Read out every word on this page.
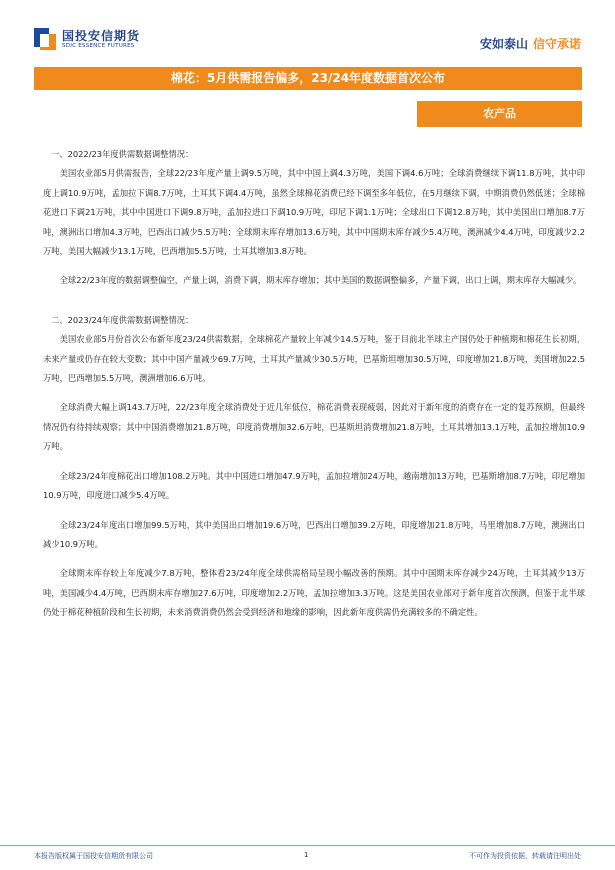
国投安信期货
SDIC ESSENCE FUTURES	安如泰山 信守承诺
棉花：5月供需报告偏多，23/24年度数据首次公布
农产品

一、2022/23年度供需数据调整情况：

美国农业部5月供需报告，全球22/23年度产量上调9.5万吨，其中中国上调4.3万吨，美国下调4.6万吨；全球消费继续下调11.8万吨，其中印度上调10.9万吨，孟加拉下调8.7万吨，土耳其下调4.4万吨，虽然全球棉花消费已经下调至多年低位，在5月继续下调，中期消费仍然低迷；全球棉花进口下调21万吨，其中中国进口下调9.8万吨，孟加拉进口下调10.9万吨，印尼下调1.1万吨；全球出口下调12.8万吨，其中美国出口增加8.7万吨，澳洲出口增加4.3万吨，巴西出口减少5.5万吨；全球期末库存增加13.6万吨，其中中国期末库存减少5.4万吨，澳洲减少4.4万吨，印度减少2.2万吨，美国大幅减少13.1万吨，巴西增加5.5万吨，土耳其增加3.8万吨。

全球22/23年度的数据调整偏空，产量上调，消费下调，期末库存增加；其中美国的数据调整偏多，产量下调，出口上调，期末库存大幅减少。

二、2023/24年度供需数据调整情况：

美国农业部5月份首次公布新年度23/24供需数据，全球棉花产量较上年减少14.5万吨，鉴于目前北半球主产国仍处于种植期和棉花生长初期，未来产量或仍存在较大变数；其中中国产量减少69.7万吨，土耳其产量减少30.5万吨，巴基斯坦增加30.5万吨，印度增加21.8万吨，美国增加22.5万吨，巴西增加5.5万吨，澳洲增加6.6万吨。

全球消费大幅上调143.7万吨，22/23年度全球消费处于近几年低位，棉花消费表现疲弱，因此对于新年度的消费存在一定的复苏预期，但最终情况仍有待持续观察；其中中国消费增加21.8万吨，印度消费增加32.6万吨，巴基斯坦消费增加21.8万吨，土耳其增加13.1万吨，孟加拉增加10.9万吨。

全球23/24年度棉花出口增加108.2万吨。其中中国进口增加47.9万吨，孟加拉增加24万吨，越南增加13万吨，巴基斯增加8.7万吨，印尼增加10.9万吨，印度进口减少5.4万吨。

全球23/24年度出口增加99.5万吨，其中美国出口增加19.6万吨，巴西出口增加39.2万吨，印度增加21.8万吨，马里增加8.7万吨，澳洲出口减少10.9万吨。

全球期末库存较上年度减少7.8万吨，整体看23/24年度全球供需格局呈现小幅改善的预期。其中中国期末库存减少24万吨，土耳其减少13万吨，美国减少4.4万吨，巴西期末库存增加27.6万吨，印度增加2.2万吨，孟加拉增加3.3万吨。这是美国农业部对于新年度首次预测，但鉴于北半球仍处于棉花种植阶段和生长初期，未来消费消费仍然会受到经济和地缘的影响，因此新年度供需仍充满较多的不确定性。

本报告版权属于国投安信期货有限公司	1	不可作为投资依据，转载请注明出处
